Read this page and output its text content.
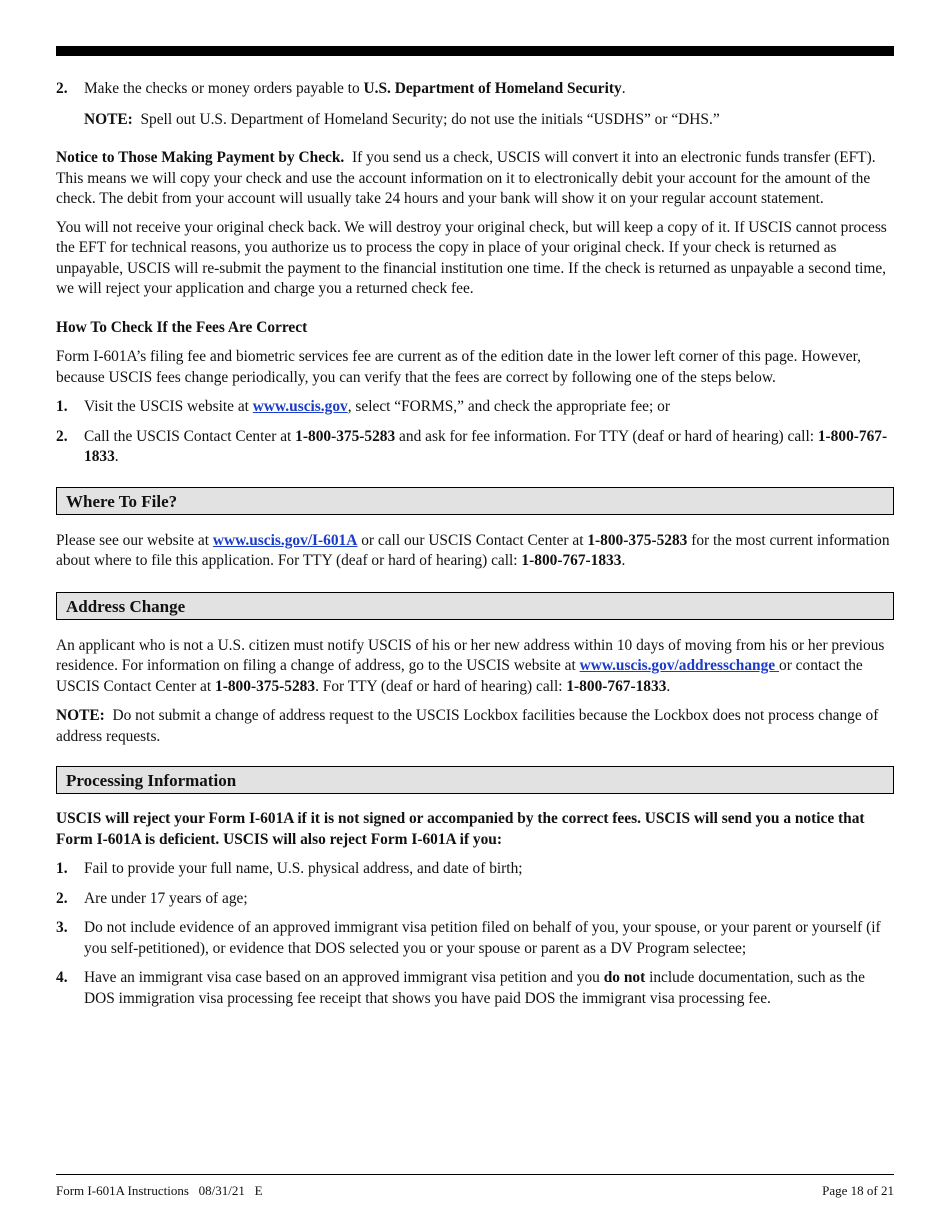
2.	Make the checks or money orders payable to U.S. Department of Homeland Security.

NOTE: Spell out U.S. Department of Homeland Security; do not use the initials “USDHS” or “DHS.”

Notice to Those Making Payment by Check. If you send us a check, USCIS will convert it into an electronic funds transfer (EFT). This means we will copy your check and use the account information on it to electronically debit your account for the amount of the check. The debit from your account will usually take 24 hours and your bank will show it on your regular account statement.

You will not receive your original check back. We will destroy your original check, but will keep a copy of it. If USCIS cannot process the EFT for technical reasons, you authorize us to process the copy in place of your original check. If your check is returned as unpayable, USCIS will re-submit the payment to the financial institution one time. If the check is returned as unpayable a second time, we will reject your application and charge you a returned check fee.

How To Check If the Fees Are Correct

Form I-601A’s filing fee and biometric services fee are current as of the edition date in the lower left corner of this page. However, because USCIS fees change periodically, you can verify that the fees are correct by following one of the steps below.

1.	Visit the USCIS website at www.uscis.gov, select “FORMS,” and check the appropriate fee; or
2.	Call the USCIS Contact Center at 1-800-375-5283 and ask for fee information. For TTY (deaf or hard of hearing) call: 1-800-767-1833.
Where To File?

Please see our website at www.uscis.gov/I-601A or call our USCIS Contact Center at 1-800-375-5283 for the most current information about where to file this application. For TTY (deaf or hard of hearing) call: 1-800-767-1833.

Address Change

An applicant who is not a U.S. citizen must notify USCIS of his or her new address within 10 days of moving from his or her previous residence. For information on filing a change of address, go to the USCIS website at www.uscis.gov/addresschange or contact the USCIS Contact Center at 1-800-375-5283. For TTY (deaf or hard of hearing) call: 1-800-767-1833.

NOTE: Do not submit a change of address request to the USCIS Lockbox facilities because the Lockbox does not process change of address requests.

Processing Information

USCIS will reject your Form I-601A if it is not signed or accompanied by the correct fees. USCIS will send you a notice that Form I-601A is deficient. USCIS will also reject Form I-601A if you:

1.	Fail to provide your full name, U.S. physical address, and date of birth;
2.	Are under 17 years of age;
3.	Do not include evidence of an approved immigrant visa petition filed on behalf of you, your spouse, or your parent or yourself (if you self-petitioned), or evidence that DOS selected you or your spouse or parent as a DV Program selectee;
4.	Have an immigrant visa case based on an approved immigrant visa petition and you do not include documentation, such as the DOS immigration visa processing fee receipt that shows you have paid DOS the immigrant visa processing fee.
Form I-601A Instructions   08/31/21   E	Page 18 of 21
